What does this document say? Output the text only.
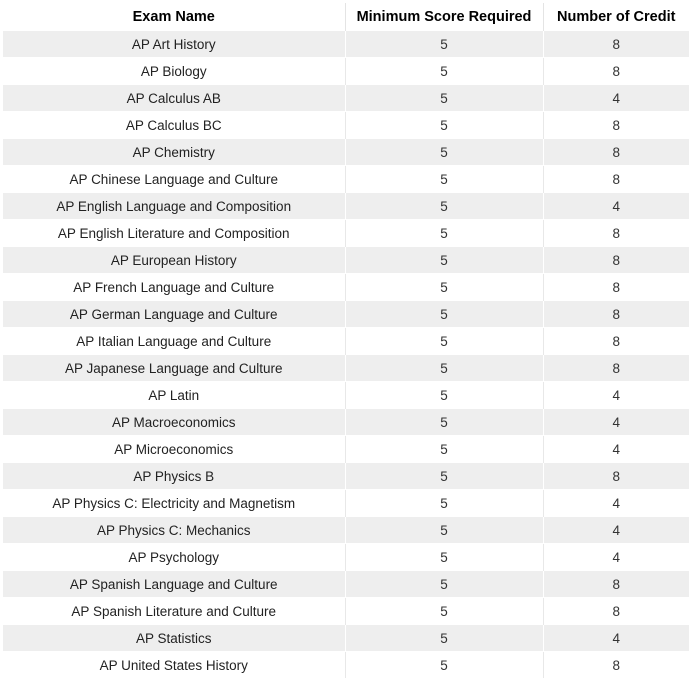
Exam Name	Minimum Score Required	Number of Credit
AP Art History	5	8
AP Biology	5	8
AP Calculus AB	5	4
AP Calculus BC	5	8
AP Chemistry	5	8
AP Chinese Language and Culture	5	8
AP English Language and Composition	5	4
AP English Literature and Composition	5	8
AP European History	5	8
AP French Language and Culture	5	8
AP German Language and Culture	5	8
AP Italian Language and Culture	5	8
AP Japanese Language and Culture	5	8
AP Latin	5	4
AP Macroeconomics	5	4
AP Microeconomics	5	4
AP Physics B	5	8
AP Physics C: Electricity and Magnetism	5	4
AP Physics C: Mechanics	5	4
AP Psychology	5	4
AP Spanish Language and Culture	5	8
AP Spanish Literature and Culture	5	8
AP Statistics	5	4
AP United States History	5	8
